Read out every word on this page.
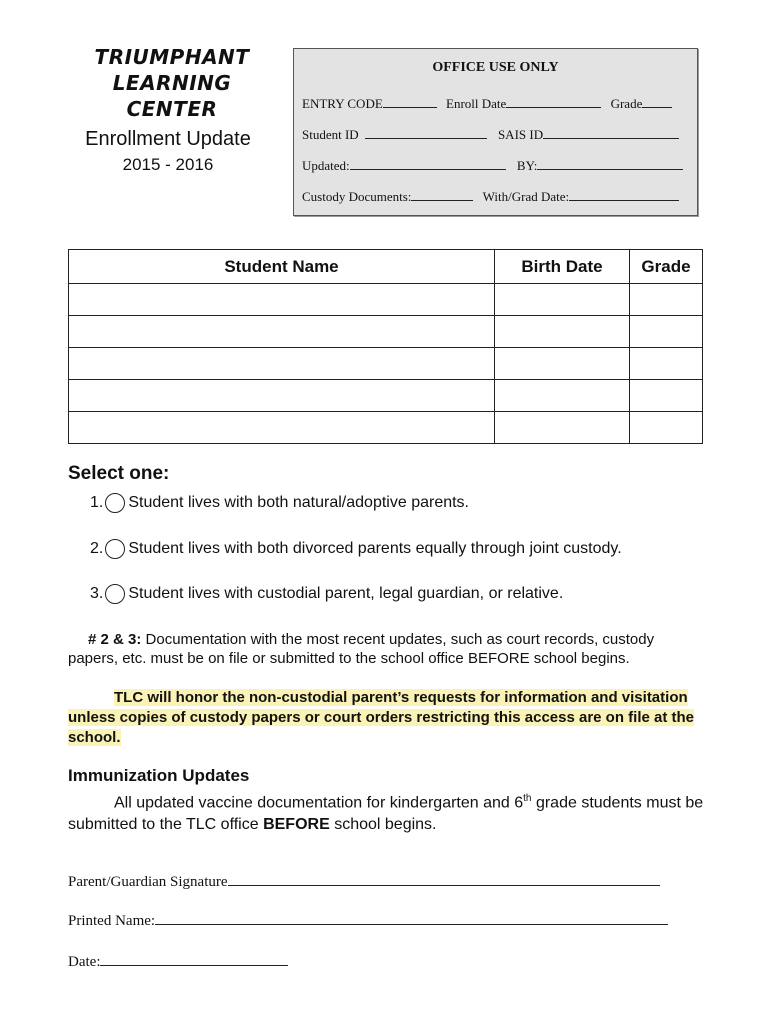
TRIUMPHANT
LEARNING CENTER
Enrollment Update
2015 - 2016
OFFICE USE ONLY
ENTRY CODE	Enroll Date	Grade
Student ID	SAIS ID
Updated:	BY:
Custody Documents:	With/Grad Date:
Student Name	Birth Date	Grade

Select one:
1. Student lives with both natural/adoptive parents.
2. Student lives with both divorced parents equally through joint custody.
3. Student lives with custodial parent, legal guardian, or relative.
# 2 & 3: Documentation with the most recent updates, such as court records, custody papers, etc. must be on file or submitted to the school office BEFORE school begins.
TLC will honor the non-custodial parent’s requests for information and visitation unless copies of custody papers or court orders restricting this access are on file at the school.
Immunization Updates
All updated vaccine documentation for kindergarten and 6th grade students must be submitted to the TLC office BEFORE school begins.
Parent/Guardian Signature
Printed Name:
Date:
